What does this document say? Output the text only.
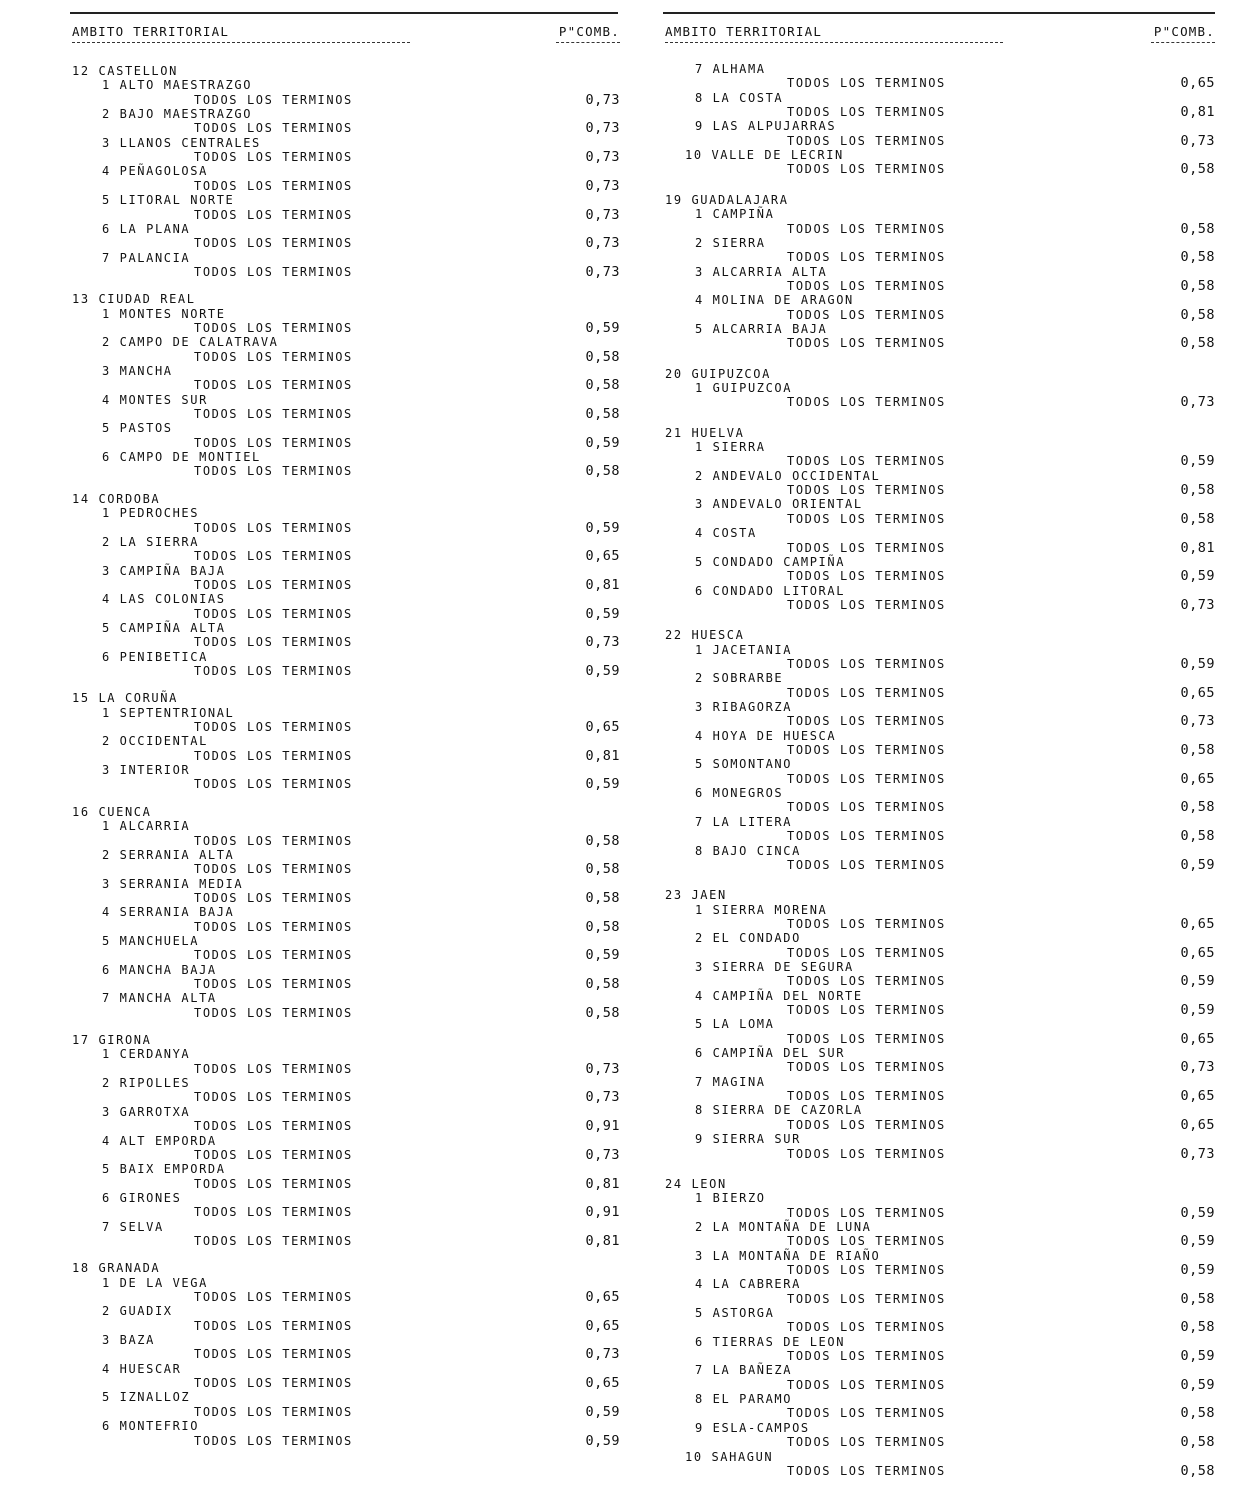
AMBITO TERRITORIAL	P"COMB.
12 CASTELLON
1 ALTO MAESTRAZGO
TODOS LOS TERMINOS	0,73
2 BAJO MAESTRAZGO
TODOS LOS TERMINOS	0,73
3 LLANOS CENTRALES
TODOS LOS TERMINOS	0,73
4 PEÑAGOLOSA
TODOS LOS TERMINOS	0,73
5 LITORAL NORTE
TODOS LOS TERMINOS	0,73
6 LA PLANA
TODOS LOS TERMINOS	0,73
7 PALANCIA
TODOS LOS TERMINOS	0,73
13 CIUDAD REAL
1 MONTES NORTE
TODOS LOS TERMINOS	0,59
2 CAMPO DE CALATRAVA
TODOS LOS TERMINOS	0,58
3 MANCHA
TODOS LOS TERMINOS	0,58
4 MONTES SUR
TODOS LOS TERMINOS	0,58
5 PASTOS
TODOS LOS TERMINOS	0,59
6 CAMPO DE MONTIEL
TODOS LOS TERMINOS	0,58
14 CORDOBA
1 PEDROCHES
TODOS LOS TERMINOS	0,59
2 LA SIERRA
TODOS LOS TERMINOS	0,65
3 CAMPIÑA BAJA
TODOS LOS TERMINOS	0,81
4 LAS COLONIAS
TODOS LOS TERMINOS	0,59
5 CAMPIÑA ALTA
TODOS LOS TERMINOS	0,73
6 PENIBETICA
TODOS LOS TERMINOS	0,59
15 LA CORUÑA
1 SEPTENTRIONAL
TODOS LOS TERMINOS	0,65
2 OCCIDENTAL
TODOS LOS TERMINOS	0,81
3 INTERIOR
TODOS LOS TERMINOS	0,59
16 CUENCA
1 ALCARRIA
TODOS LOS TERMINOS	0,58
2 SERRANIA ALTA
TODOS LOS TERMINOS	0,58
3 SERRANIA MEDIA
TODOS LOS TERMINOS	0,58
4 SERRANIA BAJA
TODOS LOS TERMINOS	0,58
5 MANCHUELA
TODOS LOS TERMINOS	0,59
6 MANCHA BAJA
TODOS LOS TERMINOS	0,58
7 MANCHA ALTA
TODOS LOS TERMINOS	0,58
17 GIRONA
1 CERDANYA
TODOS LOS TERMINOS	0,73
2 RIPOLLES
TODOS LOS TERMINOS	0,73
3 GARROTXA
TODOS LOS TERMINOS	0,91
4 ALT EMPORDA
TODOS LOS TERMINOS	0,73
5 BAIX EMPORDA
TODOS LOS TERMINOS	0,81
6 GIRONES
TODOS LOS TERMINOS	0,91
7 SELVA
TODOS LOS TERMINOS	0,81
18 GRANADA
1 DE LA VEGA
TODOS LOS TERMINOS	0,65
2 GUADIX
TODOS LOS TERMINOS	0,65
3 BAZA
TODOS LOS TERMINOS	0,73
4 HUESCAR
TODOS LOS TERMINOS	0,65
5 IZNALLOZ
TODOS LOS TERMINOS	0,59
6 MONTEFRIO
TODOS LOS TERMINOS	0,59
AMBITO TERRITORIAL	P"COMB.
7 ALHAMA
TODOS LOS TERMINOS	0,65
8 LA COSTA
TODOS LOS TERMINOS	0,81
9 LAS ALPUJARRAS
TODOS LOS TERMINOS	0,73
10 VALLE DE LECRIN
TODOS LOS TERMINOS	0,58
19 GUADALAJARA
1 CAMPIÑA
TODOS LOS TERMINOS	0,58
2 SIERRA
TODOS LOS TERMINOS	0,58
3 ALCARRIA ALTA
TODOS LOS TERMINOS	0,58
4 MOLINA DE ARAGON
TODOS LOS TERMINOS	0,58
5 ALCARRIA BAJA
TODOS LOS TERMINOS	0,58
20 GUIPUZCOA
1 GUIPUZCOA
TODOS LOS TERMINOS	0,73
21 HUELVA
1 SIERRA
TODOS LOS TERMINOS	0,59
2 ANDEVALO OCCIDENTAL
TODOS LOS TERMINOS	0,58
3 ANDEVALO ORIENTAL
TODOS LOS TERMINOS	0,58
4 COSTA
TODOS LOS TERMINOS	0,81
5 CONDADO CAMPIÑA
TODOS LOS TERMINOS	0,59
6 CONDADO LITORAL
TODOS LOS TERMINOS	0,73
22 HUESCA
1 JACETANIA
TODOS LOS TERMINOS	0,59
2 SOBRARBE
TODOS LOS TERMINOS	0,65
3 RIBAGORZA
TODOS LOS TERMINOS	0,73
4 HOYA DE HUESCA
TODOS LOS TERMINOS	0,58
5 SOMONTANO
TODOS LOS TERMINOS	0,65
6 MONEGROS
TODOS LOS TERMINOS	0,58
7 LA LITERA
TODOS LOS TERMINOS	0,58
8 BAJO CINCA
TODOS LOS TERMINOS	0,59
23 JAEN
1 SIERRA MORENA
TODOS LOS TERMINOS	0,65
2 EL CONDADO
TODOS LOS TERMINOS	0,65
3 SIERRA DE SEGURA
TODOS LOS TERMINOS	0,59
4 CAMPIÑA DEL NORTE
TODOS LOS TERMINOS	0,59
5 LA LOMA
TODOS LOS TERMINOS	0,65
6 CAMPIÑA DEL SUR
TODOS LOS TERMINOS	0,73
7 MAGINA
TODOS LOS TERMINOS	0,65
8 SIERRA DE CAZORLA
TODOS LOS TERMINOS	0,65
9 SIERRA SUR
TODOS LOS TERMINOS	0,73
24 LEON
1 BIERZO
TODOS LOS TERMINOS	0,59
2 LA MONTAÑA DE LUNA
TODOS LOS TERMINOS	0,59
3 LA MONTAÑA DE RIAÑO
TODOS LOS TERMINOS	0,59
4 LA CABRERA
TODOS LOS TERMINOS	0,58
5 ASTORGA
TODOS LOS TERMINOS	0,58
6 TIERRAS DE LEON
TODOS LOS TERMINOS	0,59
7 LA BAÑEZA
TODOS LOS TERMINOS	0,59
8 EL PARAMO
TODOS LOS TERMINOS	0,58
9 ESLA-CAMPOS
TODOS LOS TERMINOS	0,58
10 SAHAGUN
TODOS LOS TERMINOS	0,58
